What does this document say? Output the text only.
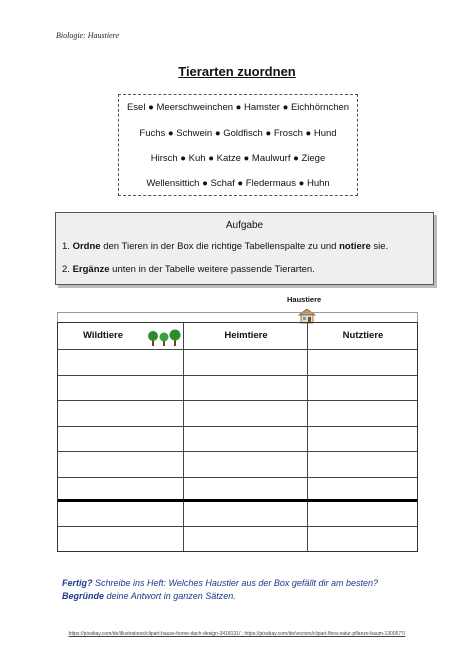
Biologie: Haustiere
Tierarten zuordnen
Esel ● Meerschweinchen ● Hamster ● Eichhörnchen
Fuchs ● Schwein ● Goldfisch ● Frosch ● Hund
Hirsch ● Kuh ● Katze ● Maulwurf ● Ziege
Wellensittich ● Schaf ● Fledermaus ● Huhn
Aufgabe
1. Ordne den Tieren in der Box die richtige Tabellenspalte zu und notiere sie.
2. Ergänze unten in der Tabelle weitere passende Tierarten.
Haustiere
Wildtiere	Heimtiere	Nutztiere
Fertig? Schreibe ins Heft: Welches Haustier aus der Box gefällt dir am besten?
Begründe deine Antwort in ganzen Sätzen.
https://pixabay.com/de/illustrations/clipart-hause-home-dach-design-3418131/ ; https://pixabay.com/de/vectors/clipart-flora-natur-pflanze-baum-1300577/
